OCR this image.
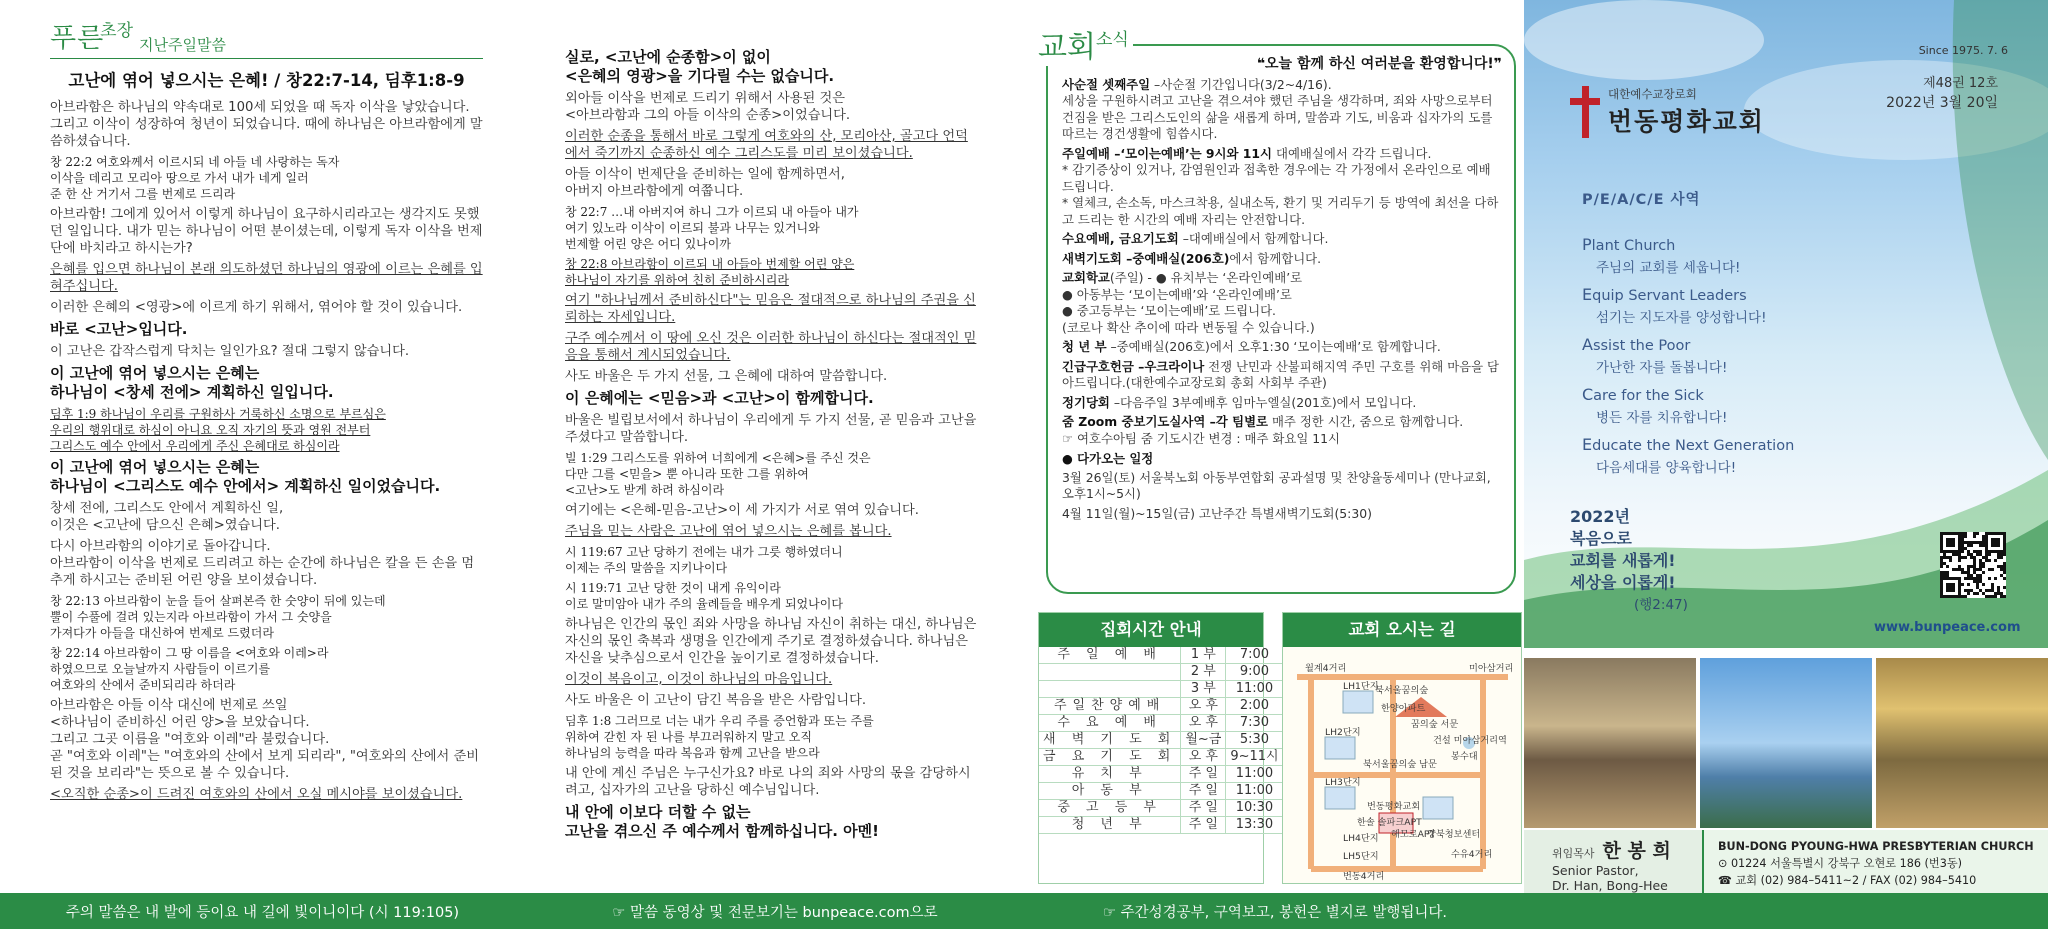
푸른
초장
지난주일말씀
고난에 엮어 넣으시는 은혜! / 창22:7-14, 딤후1:8-9
아브라함은 하나님의 약속대로 100세 되었을 때 독자 이삭을 낳았습니다. 그리고 이삭이 성장하여 청년이 되었습니다. 때에 하나님은 아브라함에게 말씀하셨습니다.
창 22:2 여호와께서 이르시되 네 아들 네 사랑하는 독자
이삭을 데리고 모리아 땅으로 가서 내가 네게 일러
준 한 산 거기서 그를 번제로 드리라
아브라함! 그에게 있어서 이렇게 하나님이 요구하시리라고는 생각지도 못했던 일입니다. 내가 믿는 하나님이 어떤 분이셨는데, 이렇게 독자 이삭을 번제단에 바치라고 하시는가?
은혜를 입으면 하나님이 본래 의도하셨던 하나님의 영광에 이르는 은혜를 입혀주십니다.
이러한 은혜의 <영광>에 이르게 하기 위해서, 엮어야 할 것이 있습니다.
바로 <고난>입니다.
이 고난은 갑작스럽게 닥치는 일인가요? 절대 그렇지 않습니다.
이 고난에 엮어 넣으시는 은혜는
하나님이 <창세 전에> 계획하신 일입니다.
딤후 1:9 하나님이 우리를 구원하사 거룩하신 소명으로 부르심은
우리의 행위대로 하심이 아니요 오직 자기의 뜻과 영원 전부터
그리스도 예수 안에서 우리에게 주신 은혜대로 하심이라
이 고난에 엮어 넣으시는 은혜는
하나님이 <그리스도 예수 안에서> 계획하신 일이었습니다.
창세 전에, 그리스도 안에서 계획하신 일,
이것은 <고난에 담으신 은혜>였습니다.
다시 아브라함의 이야기로 돌아갑니다.
아브라함이 이삭을 번제로 드리려고 하는 순간에 하나님은 칼을 든 손을 멈추게 하시고는 준비된 어린 양을 보이셨습니다.
창 22:13 아브라함이 눈을 들어 살펴본즉 한 숫양이 뒤에 있는데
뿔이 수풀에 걸려 있는지라 아브라함이 가서 그 숫양을
가져다가 아들을 대신하여 번제로 드렸더라
창 22:14 아브라함이 그 땅 이름을 <여호와 이레>라
하였으므로 오늘날까지 사람들이 이르기를
여호와의 산에서 준비되리라 하더라
아브라함은 아들 이삭 대신에 번제로 쓰일
<하나님이 준비하신 어린 양>을 보았습니다.
그리고 그곳 이름을 "여호와 이레"라 불렀습니다.
곧 "여호와 이레"는 "여호와의 산에서 보게 되리라", "여호와의 산에서 준비된 것을 보리라"는 뜻으로 볼 수 있습니다.
<오직한 순종>이 드려진 여호와의 산에서 오실 메시야를 보이셨습니다.
실로, <고난에 순종함>이 없이
<은혜의 영광>을 기다릴 수는 없습니다.
외아들 이삭을 번제로 드리기 위해서 사용된 것은
<아브라함과 그의 아들 이삭의 순종>이었습니다.
이러한 순종을 통해서 바로 그렇게 여호와의 산, 모리아산, 골고다 언덕에서 죽기까지 순종하신 예수 그리스도를 미리 보이셨습니다.
아들 이삭이 번제단을 준비하는 일에 함께하면서,
아버지 아브라함에게 여쭙니다.
창 22:7 …내 아버지여 하니 그가 이르되 내 아들아 내가
여기 있노라 이삭이 이르되 불과 나무는 있거니와
번제할 어린 양은 어디 있나이까
창 22:8 아브라함이 이르되 내 아들아 번제할 어린 양은
하나님이 자기를 위하여 친히 준비하시리라
여기 "하나님께서 준비하신다"는 믿음은 절대적으로 하나님의 주권을 신뢰하는 자세입니다.
구주 예수께서 이 땅에 오신 것은 이러한 하나님이 하신다는 절대적인 믿음을 통해서 계시되었습니다.
사도 바울은 두 가지 선물, 그 은혜에 대하여 말씀합니다.
이 은혜에는 <믿음>과 <고난>이 함께합니다.
바울은 빌립보서에서 하나님이 우리에게 두 가지 선물, 곧 믿음과 고난을 주셨다고 말씀합니다.
빌 1:29 그리스도를 위하여 너희에게 <은혜>를 주신 것은
다만 그를 <믿을> 뿐 아니라 또한 그를 위하여
<고난>도 받게 하려 하심이라
여기에는 <은혜-믿음-고난>이 세 가지가 서로 엮여 있습니다.
주님을 믿는 사람은 고난에 엮어 넣으시는 은혜를 봅니다.
시 119:67 고난 당하기 전에는 내가 그릇 행하였더니
이제는 주의 말씀을 지키나이다
시 119:71 고난 당한 것이 내게 유익이라
이로 말미암아 내가 주의 율례들을 배우게 되었나이다
하나님은 인간의 몫인 죄와 사망을 하나님 자신이 취하는 대신, 하나님은 자신의 몫인 축복과 생명을 인간에게 주기로 결정하셨습니다. 하나님은 자신을 낮추심으로서 인간을 높이기로 결정하셨습니다.
이것이 복음이고, 이것이 하나님의 마음입니다.
사도 바울은 이 고난이 담긴 복음을 받은 사람입니다.
딤후 1:8 그러므로 너는 내가 우리 주를 증언함과 또는 주를
위하여 갇힌 자 된 나를 부끄러워하지 말고 오직
하나님의 능력을 따라 복음과 함께 고난을 받으라
내 안에 계신 주님은 누구신가요? 바로 나의 죄와 사망의 몫을 감당하시려고, 십자가의 고난을 당하신 예수님입니다.
내 안에 이보다 더할 수 없는
고난을 겪으신 주 예수께서 함께하십니다. 아멘!
교회 소식
❝오늘 함께 하신 여러분을 환영합니다!❞
사순절 셋째주일 –사순절 기간입니다(3/2~4/16).
세상을 구원하시려고 고난을 겪으셔야 했던 주님을 생각하며, 죄와 사망으로부터 건짐을 받은 그리스도인의 삶을 새롭게 하며, 말씀과 기도, 비움과 십자가의 도를 따르는 경건생활에 힘씁시다.
주일예배 –‘모이는예배’는 9시와 11시 대예배실에서 각각 드립니다.
* 감기증상이 있거나, 감염원인과 접촉한 경우에는 각 가정에서 온라인으로 예배드립니다.
* 열체크, 손소독, 마스크착용, 실내소독, 환기 및 거리두기 등 방역에 최선을 다하고 드리는 한 시간의 예배 자리는 안전합니다.
수요예배, 금요기도회 –대예배실에서 함께합니다.
새벽기도회 –중예배실(206호)에서 함께합니다.
교회학교(주일) - ● 유치부는 ‘온라인예배’로
● 아동부는 ‘모이는예배’와 ‘온라인예배’로
● 중고등부는 ‘모이는예배’로 드립니다.
(코로나 확산 추이에 따라 변동될 수 있습니다.)
청 년 부 –중예배실(206호)에서 오후1:30 ‘모이는예배’로 함께합니다.
긴급구호헌금 –우크라이나 전쟁 난민과 산불피해지역 주민 구호를 위해 마음을 담아드립니다.(대한예수교장로회 총회 사회부 주관)
정기당회 –다음주일 3부예배후 임마누엘실(201호)에서 모입니다.
줌 Zoom 중보기도실사역 –각 팀별로 매주 정한 시간, 줌으로 함께합니다.
☞ 여호수아팀 줌 기도시간 변경 : 매주 화요일 11시
● 다가오는 일정
3월 26일(토) 서울북노회 아동부연합회 공과설명 및 찬양율동세미나 (만나교회, 오후1시~5시)
4월 11일(월)~15일(금) 고난주간 특별새벽기도회(5:30)
집회시간 안내
주 일 예 배	1 부	7:00
	2 부	9:00
	3 부	11:00
주일찬양예배	오 후	2:00
수 요 예 배	오 후	7:30
새 벽 기 도 회	월~금	5:30
금 요 기 도 회	오 후	9~11시
유 치 부	주 일	11:00
아 동 부	주 일	11:00
중 고 등 부	주 일	10:30
청 년 부	주 일	13:30
교회 오시는 길
월계4거리	미아삼거리
LH1단지
북서울꿈의숲
한양아파트
LH2단지
꿈의숲 서문
건설 미아삼거리역
LH3단지
북서울꿈의숲 남문
봉수대
번동평화교회
한솔 솔파크APT
해모로APT
LH4단지	강북청보센터
LH5단지	수유4거리
번동4거리
Since 1975. 7. 6
제48권 12호
2022년 3월 20일
대한예수교장로회
번동평화교회
P/E/A/C/E 사역
Plant Church
주님의 교회를 세웁니다!
Equip Servant Leaders
섬기는 지도자를 양성합니다!
Assist the Poor
가난한 자를 돌봅니다!
Care for the Sick
병든 자를 치유합니다!
Educate the Next Generation
다음세대를 양육합니다!
2022년
복음으로
교회를 새롭게!
세상을 이롭게!
(행2:47)
www.bunpeace.com
위임목사 한 봉 희
Senior Pastor,
Dr. Han, Bong-Hee
BUN-DONG PYOUNG-HWA PRESBYTERIAN CHURCH
⊙ 01224 서울특별시 강북구 오현로 186 (번3동)
☎ 교회 (02) 984–5411~2 / FAX (02) 984–5410
주의 말씀은 내 발에 등이요 내 길에 빛이니이다 (시 119:105)	☞ 말씀 동영상 및 전문보기는 bunpeace.com으로	☞ 주간성경공부, 구역보고, 봉헌은 별지로 발행됩니다.
